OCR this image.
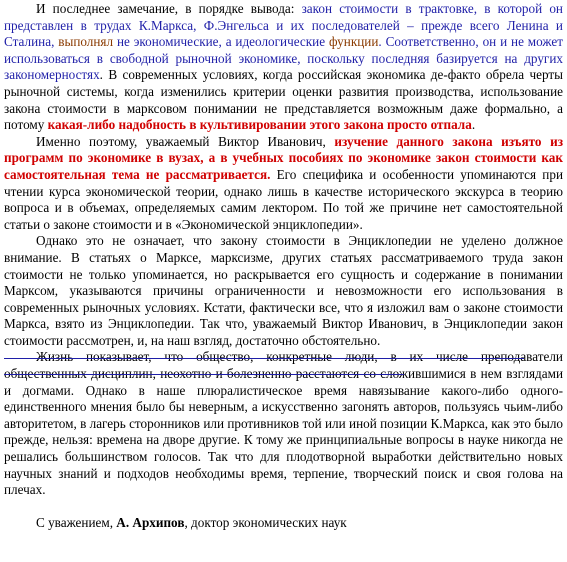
И последнее замечание, в порядке вывода: закон стоимости в трактовке, в которой он представлен в трудах К.Маркса, Ф.Энгельса и их последователей – прежде всего Ленина и Сталина, выполнял не экономические, а идеологические функции. Соответственно, он и не может использоваться в свободной рыночной экономике, поскольку последняя базируется на других закономерностях. В современных условиях, когда российская экономика де-факто обрела черты рыночной системы, когда изменились критерии оценки развития производства, использование закона стоимости в марксовом понимании не представляется возможным даже формально, а потому какая-либо надобность в культивировании этого закона просто отпала.

Именно поэтому, уважаемый Виктор Иванович, изучение данного закона изъято из программ по экономике в вузах, а в учебных пособиях по экономике закон стоимости как самостоятельная тема не рассматривается. Его специфика и особенности упоминаются при чтении курса экономической теории, однако лишь в качестве исторического экскурса в теорию вопроса и в объемах, определяемых самим лектором. По той же причине нет самостоятельной статьи о законе стоимости и в «Экономической энциклопедии».

Однако это не означает, что закону стоимости в Энциклопедии не уделено должное внимание. В статьях о Марксе, марксизме, других статьях рассматриваемого труда закон стоимости не только упоминается, но раскрывается его сущность и содержание в понимании Марксом, указываются причины ограниченности и невозможности его использования в современных рыночных условиях. Кстати, фактически все, что я изложил вам о законе стоимости Маркса, взято из Энциклопедии. Так что, уважаемый Виктор Иванович, в Энциклопедии закон стоимости рассмотрен, и, на наш взгляд, достаточно обстоятельно.

Жизнь показывает, что общество, конкретные люди, в их числе преподаватели общественных дисциплин, неохотно и болезненно расстаются со сложившимися в нем взглядами и догмами. Однако в наше плюралистическое время навязывание какого-либо одного-единственного мнения было бы неверным, а искусственно загонять авторов, пользуясь чьим-либо авторитетом, в лагерь сторонников или противников той или иной позиции К.Маркса, как это было прежде, нельзя: времена на дворе другие. К тому же принципиальные вопросы в науке никогда не решались большинством голосов. Так что для плодотворной выработки действительно новых научных знаний и подходов необходимы время, терпение, творческий поиск и своя голова на плечах.

С уважением, А. Архипов, доктор экономических наук
